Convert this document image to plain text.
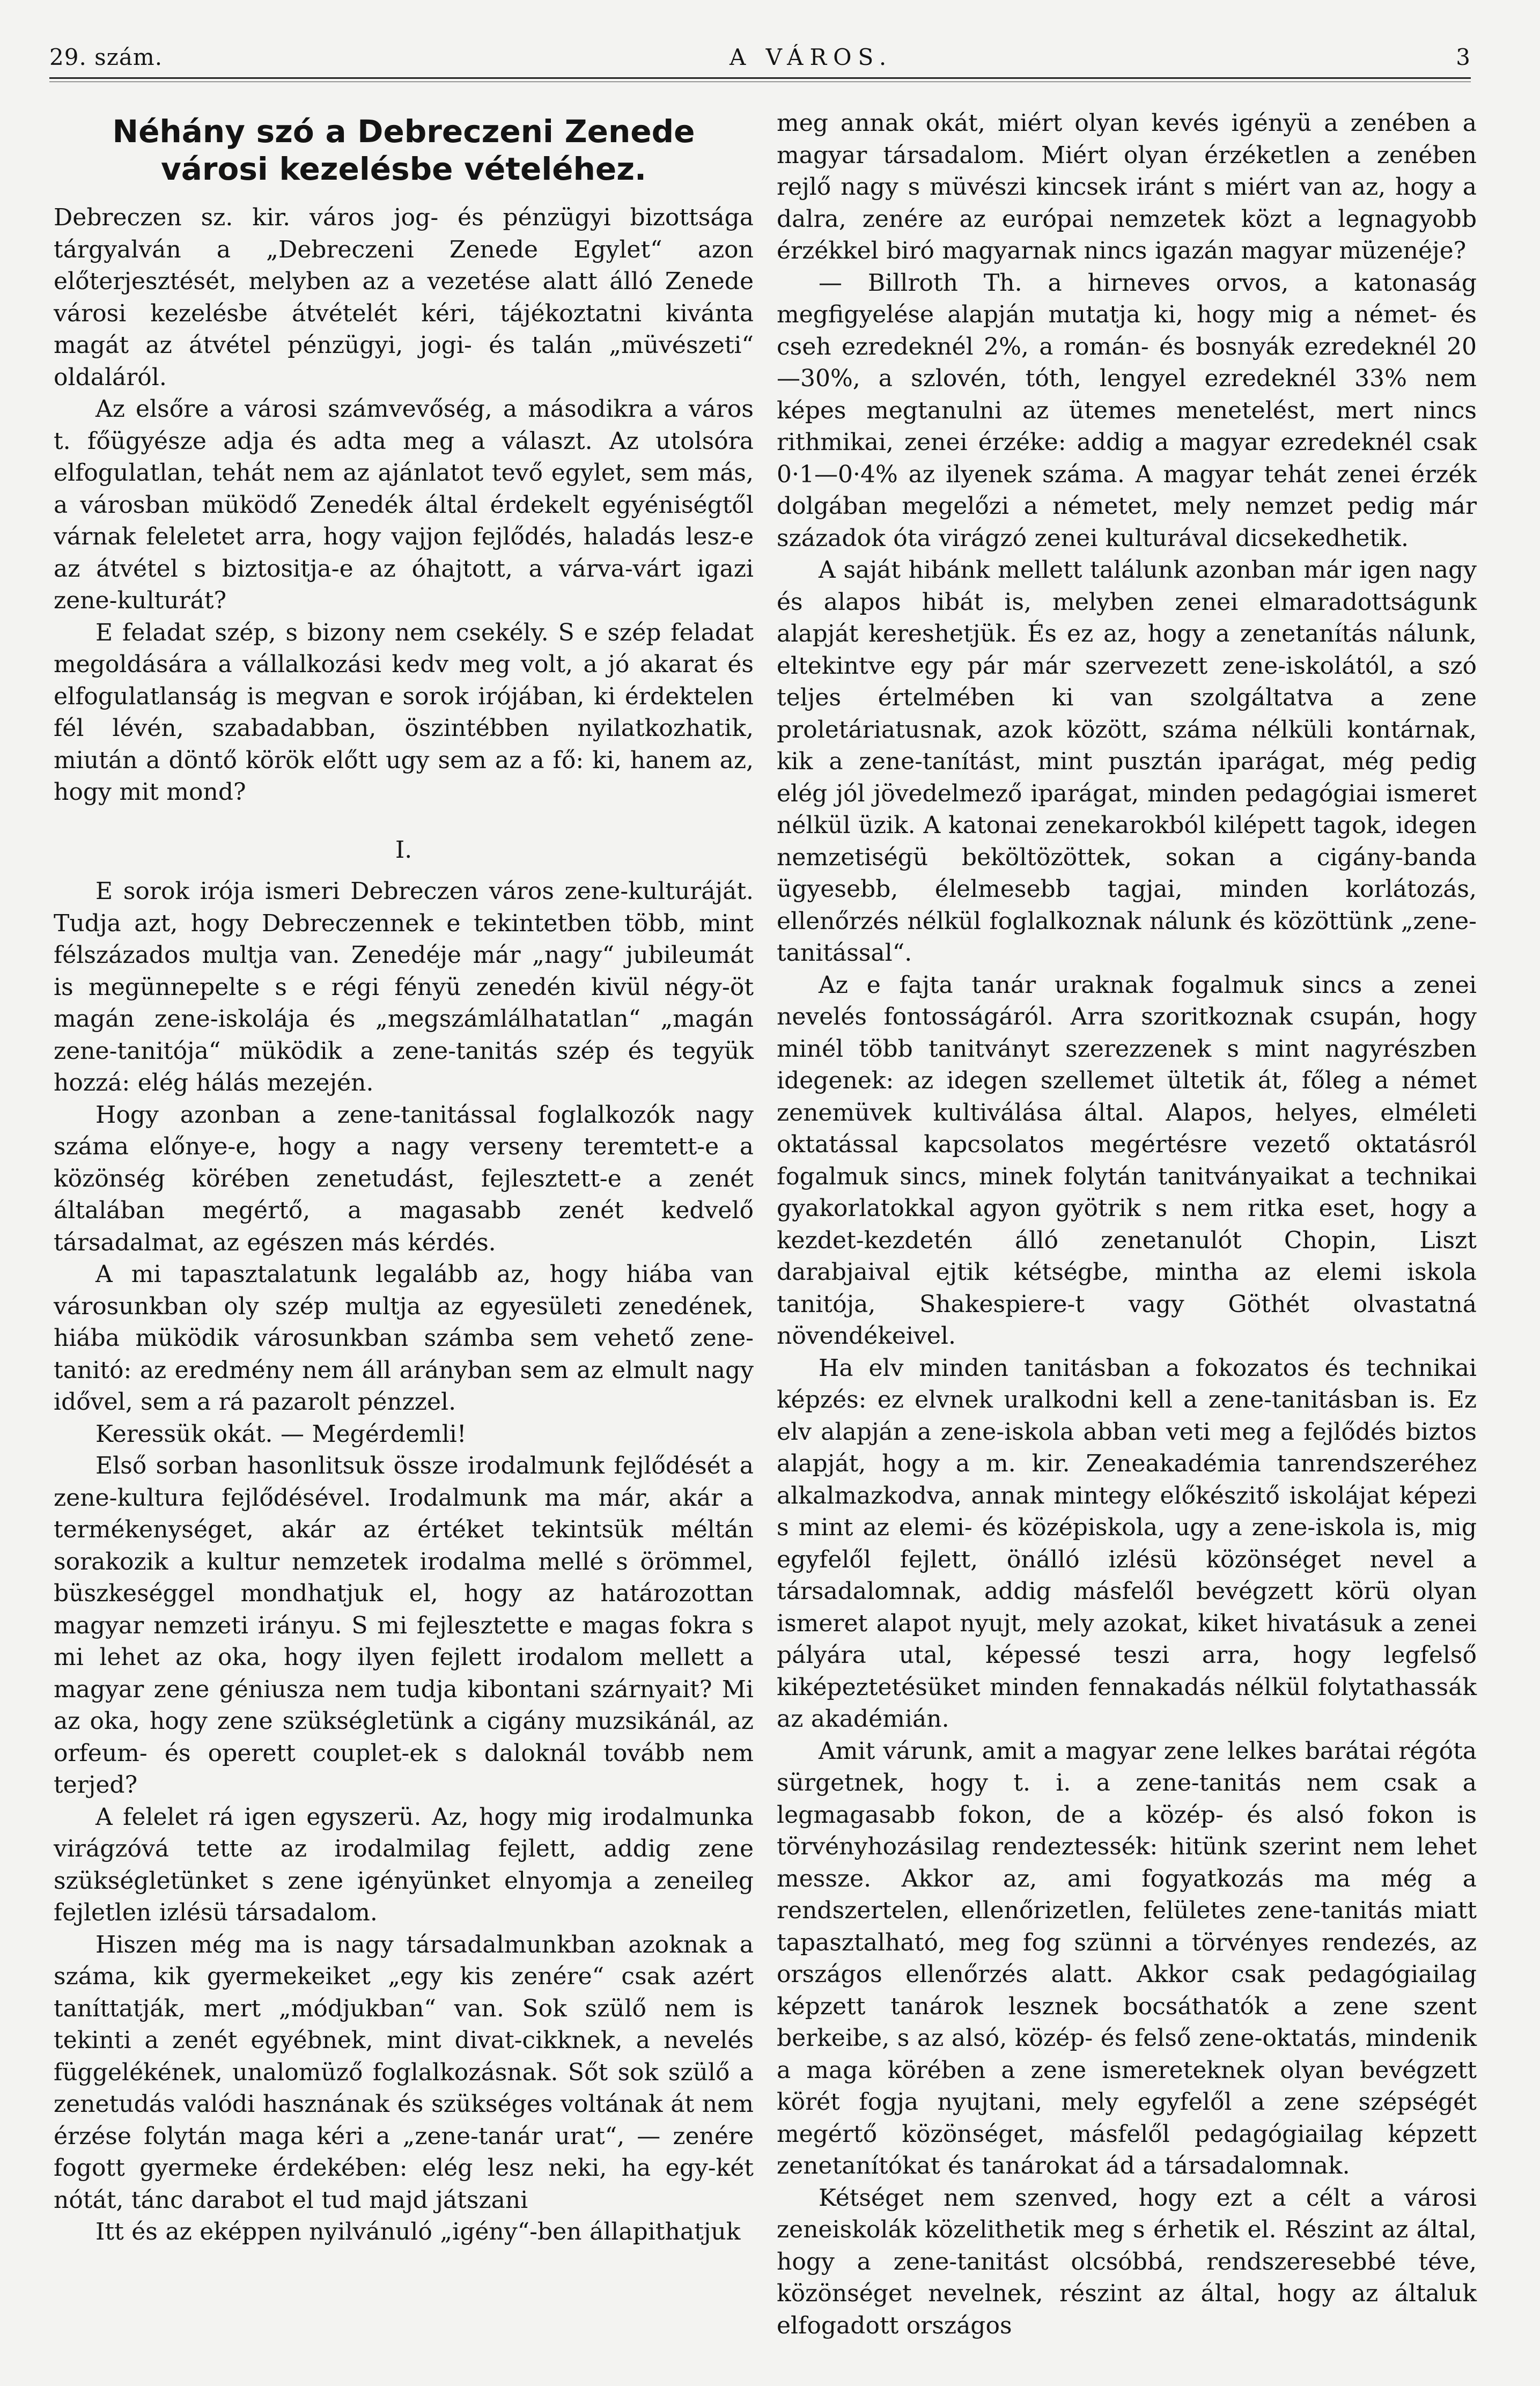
29. szám.	A VÁROS.	3
Néhány szó a Debreczeni Zenede városi kezelésbe vételéhez.

Debreczen sz. kir. város jog- és pénzügyi bizottsága tárgyalván a „Debreczeni Zenede Egylet“ azon előterjesztését, melyben az a vezetése alatt álló Zenede városi kezelésbe átvételét kéri, tájékoztatni kivánta magát az átvétel pénzügyi, jogi- és talán „müvészeti“ oldaláról.

Az elsőre a városi számvevőség, a másodikra a város t. főügyésze adja és adta meg a választ. Az utolsóra elfogulatlan, tehát nem az ajánlatot tevő egylet, sem más, a városban müködő Zenedék által érdekelt egyéniségtől várnak feleletet arra, hogy vajjon fejlődés, haladás lesz-e az átvétel s biztositja-e az óhajtott, a várva-várt igazi zene-kulturát?

E feladat szép, s bizony nem csekély. S e szép feladat megoldására a vállalkozási kedv meg volt, a jó akarat és elfogulatlanság is megvan e sorok irójában, ki érdektelen fél lévén, szabadabban, öszintébben nyilatkozhatik, miután a döntő körök előtt ugy sem az a fő: ki, hanem az, hogy mit mond?

I.

E sorok irója ismeri Debreczen város zene-kulturáját. Tudja azt, hogy Debreczennek e tekintetben több, mint félszázados multja van. Zenedéje már „nagy“ jubileumát is megünnepelte s e régi fényü zenedén kivül négy-öt magán zene-iskolája és „megszámlálhatatlan“ „magán zene-tanitója“ müködik a zene-tanitás szép és tegyük hozzá: elég hálás mezején.

Hogy azonban a zene-tanitással foglalkozók nagy száma előnye-e, hogy a nagy verseny teremtett-e a közönség körében zenetudást, fejlesztett-e a zenét általában megértő, a magasabb zenét kedvelő társadalmat, az egészen más kérdés.

A mi tapasztalatunk legalább az, hogy hiába van városunkban oly szép multja az egyesületi zenedének, hiába müködik városunkban számba sem vehető zene-tanitó: az eredmény nem áll arányban sem az elmult nagy idővel, sem a rá pazarolt pénzzel.

Keressük okát. — Megérdemli!

Első sorban hasonlitsuk össze irodalmunk fejlődését a zene-kultura fejlődésével. Irodalmunk ma már, akár a termékenységet, akár az értéket tekintsük méltán sorakozik a kultur nemzetek irodalma mellé s örömmel, büszkeséggel mondhatjuk el, hogy az határozottan magyar nemzeti irányu. S mi fejlesztette e magas fokra s mi lehet az oka, hogy ilyen fejlett irodalom mellett a magyar zene géniusza nem tudja kibontani szárnyait? Mi az oka, hogy zene szükségletünk a cigány muzsikánál, az orfeum- és operett couplet-ek s daloknál tovább nem terjed?

A felelet rá igen egyszerü. Az, hogy mig irodalmunka virágzóvá tette az irodalmilag fejlett, addig zene szükségletünket s zene igényünket elnyomja a zeneileg fejletlen izlésü társadalom.

Hiszen még ma is nagy társadalmunkban azoknak a száma, kik gyermekeiket „egy kis zenére“ csak azért taníttatják, mert „módjukban“ van. Sok szülő nem is tekinti a zenét egyébnek, mint divat-cikknek, a nevelés függelékének, unalomüző foglalkozásnak. Sőt sok szülő a zenetudás valódi hasznának és szükséges voltának át nem érzése folytán maga kéri a „zene-tanár urat“, — zenére fogott gyermeke érdekében: elég lesz neki, ha egy-két nótát, tánc darabot el tud majd játszani

Itt és az eképpen nyilvánuló „igény“-ben állapithatjuk

meg annak okát, miért olyan kevés igényü a zenében a magyar társadalom. Miért olyan érzéketlen a zenében rejlő nagy s müvészi kincsek iránt s miért van az, hogy a dalra, zenére az európai nemzetek közt a legnagyobb érzékkel biró magyarnak nincs igazán magyar müzenéje?

— Billroth Th. a hirneves orvos, a katonaság megfigyelése alapján mutatja ki, hogy mig a német- és cseh ezredeknél 2%, a román- és bosnyák ezredeknél 20—30%, a szlovén, tóth, lengyel ezredeknél 33% nem képes megtanulni az ütemes menetelést, mert nincs rithmikai, zenei érzéke: addig a magyar ezredeknél csak 0·1—0·4% az ilyenek száma. A magyar tehát zenei érzék dolgában megelőzi a németet, mely nemzet pedig már századok óta virágzó zenei kulturával dicsekedhetik.

A saját hibánk mellett találunk azonban már igen nagy és alapos hibát is, melyben zenei elmaradottságunk alapját kereshetjük. És ez az, hogy a zenetanítás nálunk, eltekintve egy pár már szervezett zene-iskolától, a szó teljes értelmében ki van szolgáltatva a zene proletáriatusnak, azok között, száma nélküli kontárnak, kik a zene-tanítást, mint pusztán iparágat, még pedig elég jól jövedelmező iparágat, minden pedagógiai ismeret nélkül üzik. A katonai zenekarokból kilépett tagok, idegen nemzetiségü beköltözöttek, sokan a cigány-banda ügyesebb, élelmesebb tagjai, minden korlátozás, ellenőrzés nélkül foglalkoznak nálunk és közöttünk „zene-tanitással“.

Az e fajta tanár uraknak fogalmuk sincs a zenei nevelés fontosságáról. Arra szoritkoznak csupán, hogy minél több tanitványt szerezzenek s mint nagyrészben idegenek: az idegen szellemet ültetik át, főleg a német zenemüvek kultiválása által. Alapos, helyes, elméleti oktatással kapcsolatos megértésre vezető oktatásról fogalmuk sincs, minek folytán tanitványaikat a technikai gyakorlatokkal agyon gyötrik s nem ritka eset, hogy a kezdet-kezdetén álló zenetanulót Chopin, Liszt darabjaival ejtik kétségbe, mintha az elemi iskola tanitója, Shakespiere-t vagy Göthét olvastatná növendékeivel.

Ha elv minden tanitásban a fokozatos és technikai képzés: ez elvnek uralkodni kell a zene-tanitásban is. Ez elv alapján a zene-iskola abban veti meg a fejlődés biztos alapját, hogy a m. kir. Zeneakadémia tanrendszeréhez alkalmazkodva, annak mintegy előkészitő iskolájat képezi s mint az elemi- és középiskola, ugy a zene-iskola is, mig egyfelől fejlett, önálló izlésü közönséget nevel a társadalomnak, addig másfelől bevégzett körü olyan ismeret alapot nyujt, mely azokat, kiket hivatásuk a zenei pályára utal, képessé teszi arra, hogy legfelső kiképeztetésüket minden fennakadás nélkül folytathassák az akadémián.

Amit várunk, amit a magyar zene lelkes barátai régóta sürgetnek, hogy t. i. a zene-tanitás nem csak a legmagasabb fokon, de a közép- és alsó fokon is törvényhozásilag rendeztessék: hitünk szerint nem lehet messze. Akkor az, ami fogyatkozás ma még a rendszertelen, ellenőrizetlen, felületes zene-tanitás miatt tapasztalható, meg fog szünni a törvényes rendezés, az országos ellenőrzés alatt. Akkor csak pedagógiailag képzett tanárok lesznek bocsáthatók a zene szent berkeibe, s az alsó, közép- és felső zene-oktatás, mindenik a maga körében a zene ismereteknek olyan bevégzett körét fogja nyujtani, mely egyfelől a zene szépségét megértő közönséget, másfelől pedagógiailag képzett zenetanítókat és tanárokat ád a társadalomnak.

Kétséget nem szenved, hogy ezt a célt a városi zeneiskolák közelithetik meg s érhetik el. Részint az által, hogy a zene-tanitást olcsóbbá, rendszeresebbé téve, közönséget nevelnek, részint az által, hogy az általuk elfogadott országos
